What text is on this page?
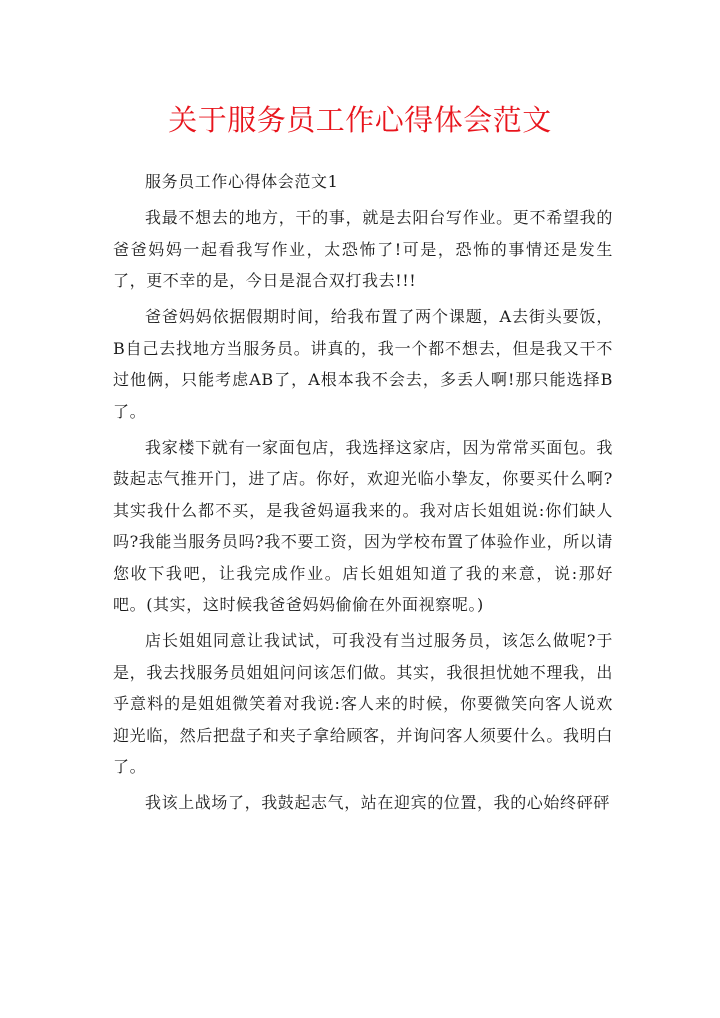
关于服务员工作心得体会范文

服务员工作心得体会范文1

我最不想去的地方，干的事，就是去阳台写作业。更不希望我的爸爸妈妈一起看我写作业，太恐怖了!可是，恐怖的事情还是发生了，更不幸的是，今日是混合双打我去!!!

爸爸妈妈依据假期时间，给我布置了两个课题，A去街头要饭，B自己去找地方当服务员。讲真的，我一个都不想去，但是我又干不过他俩，只能考虑AB了，A根本我不会去，多丢人啊!那只能选择B了。

我家楼下就有一家面包店，我选择这家店，因为常常买面包。我鼓起志气推开门，进了店。你好，欢迎光临小挚友，你要买什么啊?其实我什么都不买，是我爸妈逼我来的。我对店长姐姐说:你们缺人吗?我能当服务员吗?我不要工资，因为学校布置了体验作业，所以请您收下我吧，让我完成作业。店长姐姐知道了我的来意，说:那好吧。(其实，这时候我爸爸妈妈偷偷在外面视察呢。)

店长姐姐同意让我试试，可我没有当过服务员，该怎么做呢?于是，我去找服务员姐姐问问该怎们做。其实，我很担忧她不理我，出乎意料的是姐姐微笑着对我说:客人来的时候，你要微笑向客人说欢迎光临，然后把盘子和夹子拿给顾客，并询问客人须要什么。我明白了。

我该上战场了，我鼓起志气，站在迎宾的位置，我的心始终砰砰
